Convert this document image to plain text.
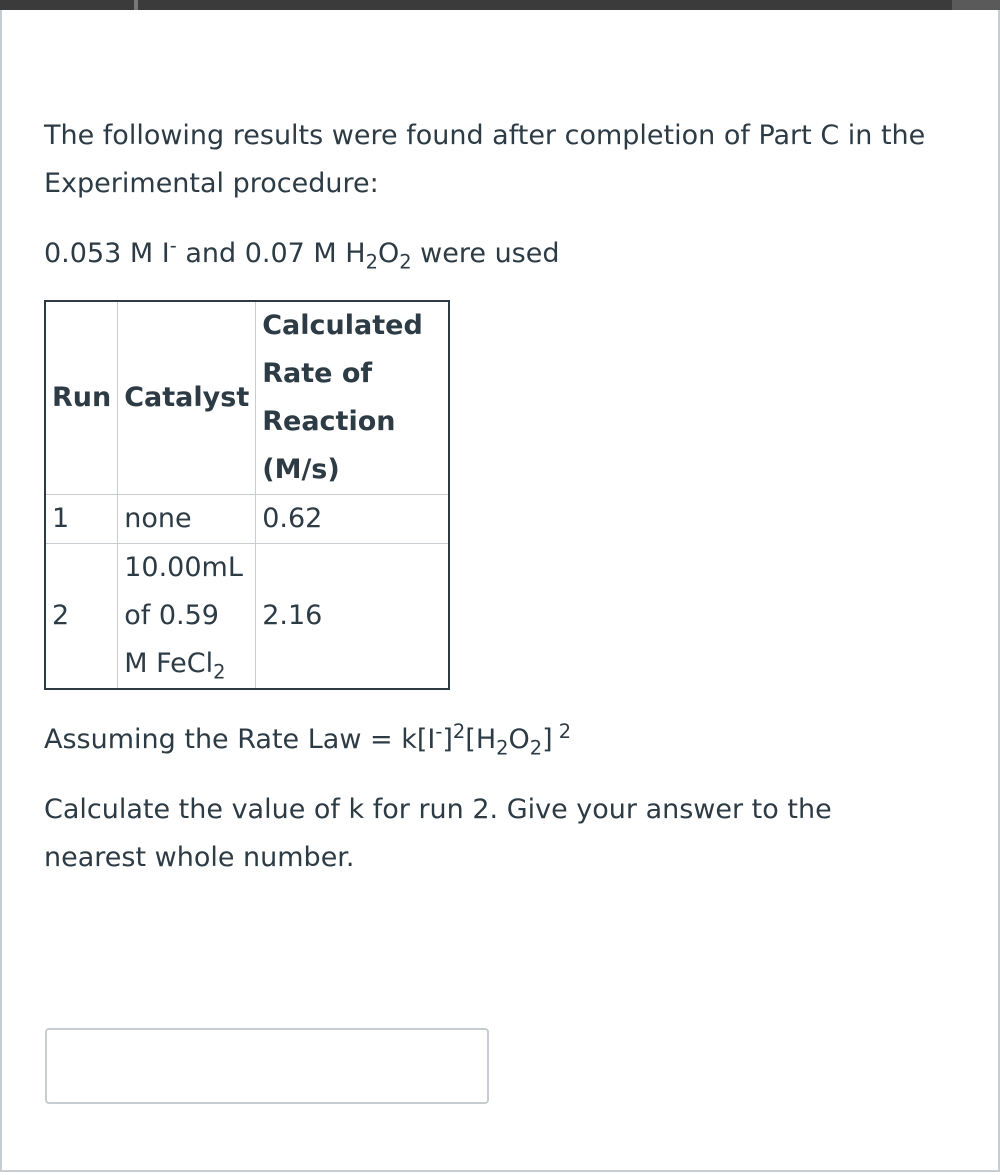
The following results were found after completion of Part C in the Experimental procedure:

0.053 M I- and 0.07 M $H_2O_2$ were used

Run	Catalyst	Calculated Rate of Reaction (M/s)
1	none	0.62
2	10.00mL of 0.59 M FeCl$_2$	2.16

Assuming the Rate Law = $k[I^-]^2[H_2O_2]$ $^2$

Calculate the value of k for run 2. Give your answer to the nearest whole number.
